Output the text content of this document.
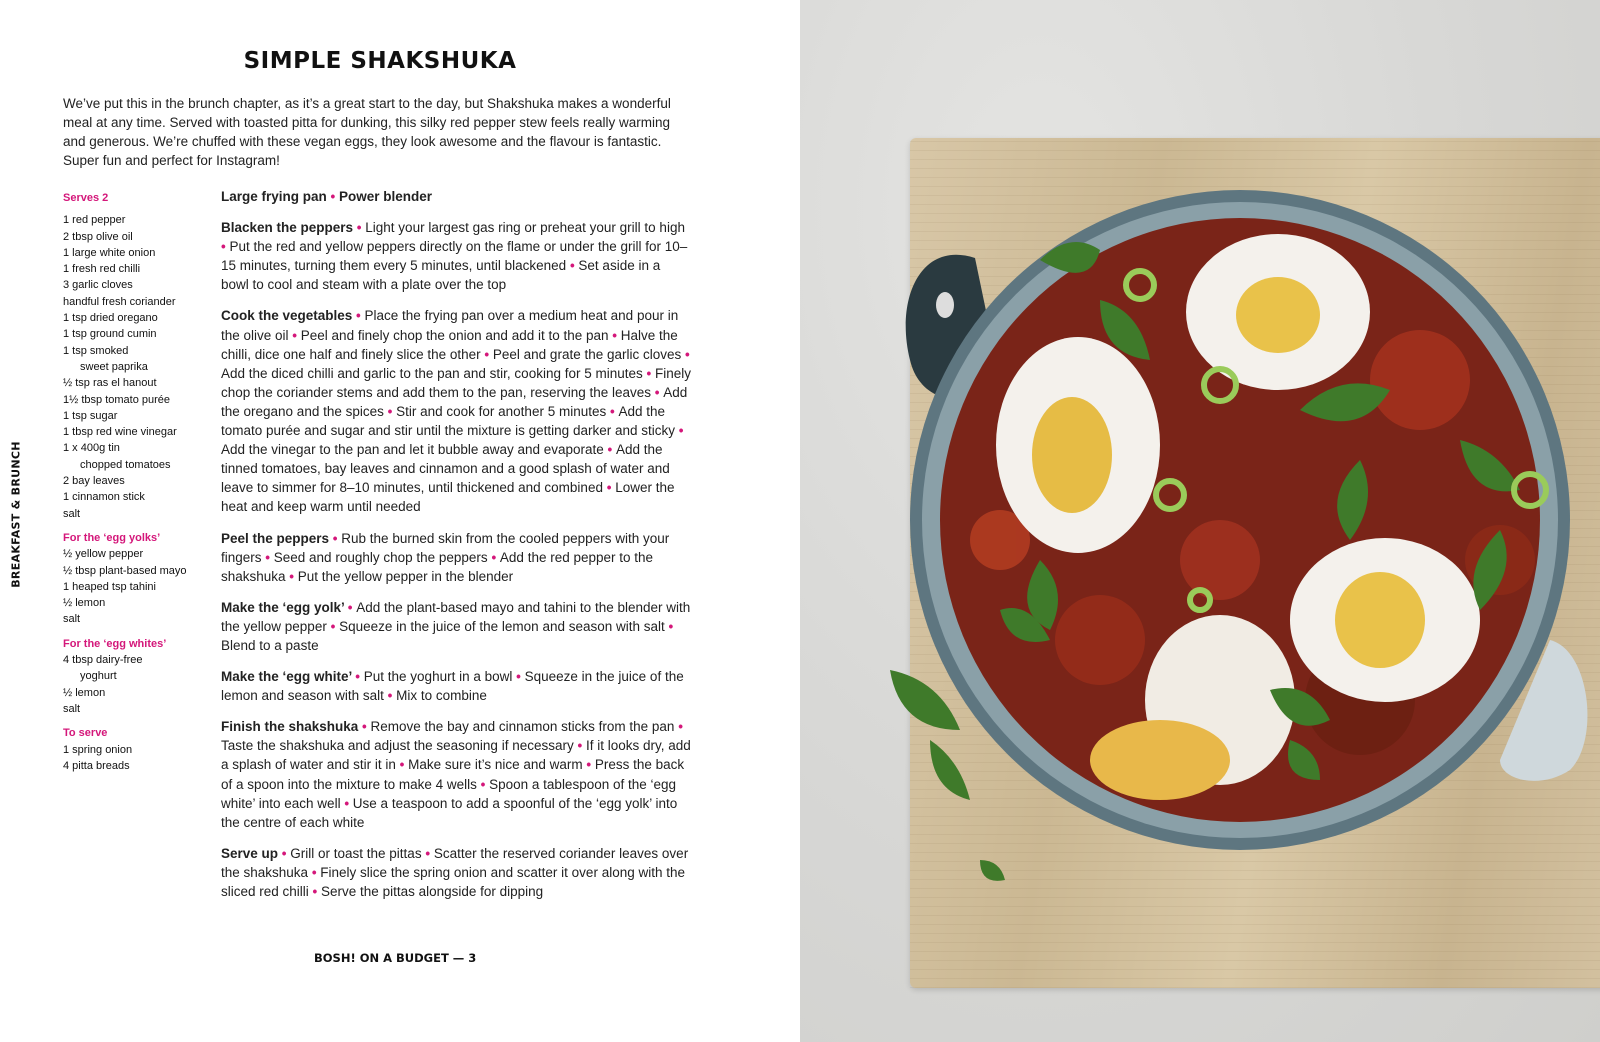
SIMPLE SHAKSHUKA
We’ve put this in the brunch chapter, as it’s a great start to the day, but Shakshuka makes a wonderful meal at any time. Served with toasted pitta for dunking, this silky red pepper stew feels really warming and generous. We’re chuffed with these vegan eggs, they look awesome and the flavour is fantastic. Super fun and perfect for Instagram!
BREAKFAST & BRUNCH
Serves 2
1 red pepper
2 tbsp olive oil
1 large white onion
1 fresh red chilli
3 garlic cloves
handful fresh coriander
1 tsp dried oregano
1 tsp ground cumin
1 tsp smoked
sweet paprika
½ tsp ras el hanout
1½ tbsp tomato purée
1 tsp sugar
1 tbsp red wine vinegar
1 x 400g tin
chopped tomatoes
2 bay leaves
1 cinnamon stick
salt
For the ‘egg yolks’
½ yellow pepper
½ tbsp plant-based mayo
1 heaped tsp tahini
½ lemon
salt
For the ‘egg whites’
4 tbsp dairy-free
yoghurt
½ lemon
salt
To serve
1 spring onion
4 pitta breads
Large frying pan • Power blender
Blacken the peppers • Light your largest gas ring or preheat your grill to high • Put the red and yellow peppers directly on the flame or under the grill for 10–15 minutes, turning them every 5 minutes, until blackened • Set aside in a bowl to cool and steam with a plate over the top
Cook the vegetables • Place the frying pan over a medium heat and pour in the olive oil • Peel and finely chop the onion and add it to the pan • Halve the chilli, dice one half and finely slice the other • Peel and grate the garlic cloves • Add the diced chilli and garlic to the pan and stir, cooking for 5 minutes • Finely chop the coriander stems and add them to the pan, reserving the leaves • Add the oregano and the spices • Stir and cook for another 5 minutes • Add the tomato purée and sugar and stir until the mixture is getting darker and sticky • Add the vinegar to the pan and let it bubble away and evaporate • Add the tinned tomatoes, bay leaves and cinnamon and a good splash of water and leave to simmer for 8–10 minutes, until thickened and combined • Lower the heat and keep warm until needed
Peel the peppers • Rub the burned skin from the cooled peppers with your fingers • Seed and roughly chop the peppers • Add the red pepper to the shakshuka • Put the yellow pepper in the blender
Make the ‘egg yolk’ • Add the plant-based mayo and tahini to the blender with the yellow pepper • Squeeze in the juice of the lemon and season with salt • Blend to a paste
Make the ‘egg white’ • Put the yoghurt in a bowl • Squeeze in the juice of the lemon and season with salt • Mix to combine
Finish the shakshuka • Remove the bay and cinnamon sticks from the pan • Taste the shakshuka and adjust the seasoning if necessary • If it looks dry, add a splash of water and stir it in • Make sure it’s nice and warm • Press the back of a spoon into the mixture to make 4 wells • Spoon a tablespoon of the ‘egg white’ into each well • Use a teaspoon to add a spoonful of the ‘egg yolk’ into the centre of each white
Serve up • Grill or toast the pittas • Scatter the reserved coriander leaves over the shakshuka • Finely slice the spring onion and scatter it over along with the sliced red chilli • Serve the pittas alongside for dipping
BOSH! ON A BUDGET — 3
